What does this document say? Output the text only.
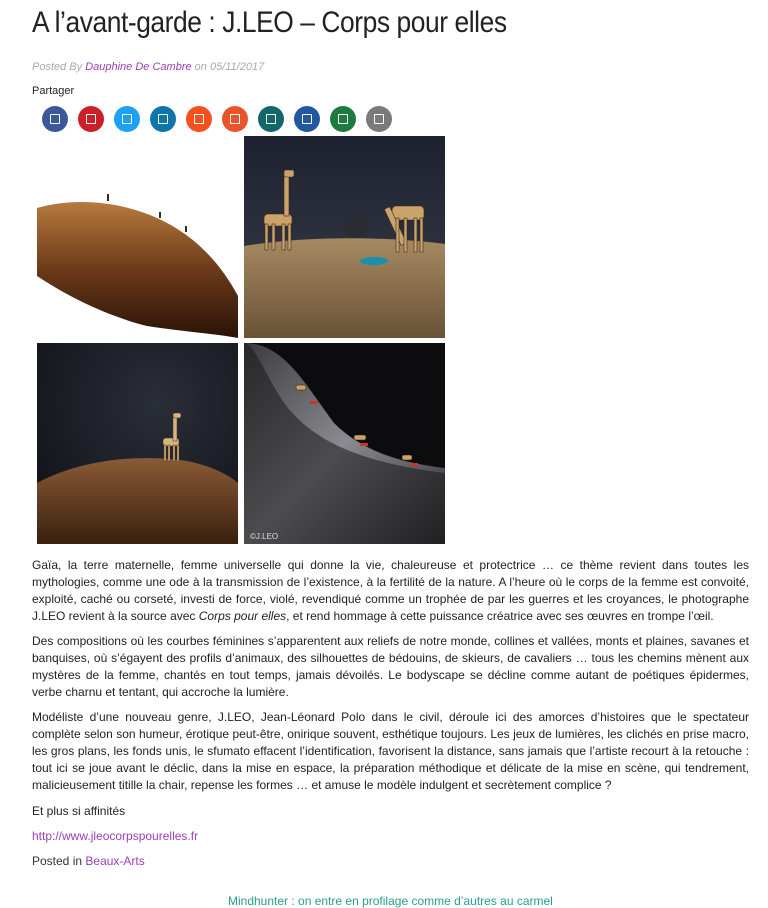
A l’avant-garde : J.LEO – Corps pour elles
Posted By Dauphine De Cambre on 05/11/2017
Partager
©J.LEO

Gaïa, la terre maternelle, femme universelle qui donne la vie, chaleureuse et protectrice … ce thème revient dans toutes les mythologies, comme une ode à la transmission de l’existence, à la fertilité de la nature. A l’heure où le corps de la femme est convoité, exploité, caché ou corseté, investi de force, violé, revendiqué comme un trophée de par les guerres et les croyances, le photographe J.LEO revient à la source avec Corps pour elles, et rend hommage à cette puissance créatrice avec ses œuvres en trompe l’œil.

Des compositions où les courbes féminines s’apparentent aux reliefs de notre monde, collines et vallées, monts et plaines, savanes et banquises, où s’égayent des profils d’animaux, des silhouettes de bédouins, de skieurs, de cavaliers … tous les chemins mènent aux mystères de la femme, chantés en tout temps, jamais dévoilés. Le bodyscape se décline comme autant de poétiques épidermes, verbe charnu et tentant, qui accroche la lumière.

Modéliste d’une nouveau genre, J.LEO, Jean-Léonard Polo dans le civil, déroule ici des amorces d’histoires que le spectateur complète selon son humeur, érotique peut-être, onirique souvent, esthétique toujours. Les jeux de lumières, les clichés en prise macro, les gros plans, les fonds unis, le sfumato effacent l’identification, favorisent la distance, sans jamais que l’artiste recourt à la retouche : tout ici se joue avant le déclic, dans la mise en espace, la préparation méthodique et délicate de la mise en scène, qui tendrement, malicieusement titille la chair, repense les formes … et amuse le modèle indulgent et secrètement complice ?

Et plus si affinités
http://www.jleocorpspourelles.fr
Posted in Beaux-Arts
Mindhunter : on entre en profilage comme d’autres au carmel
